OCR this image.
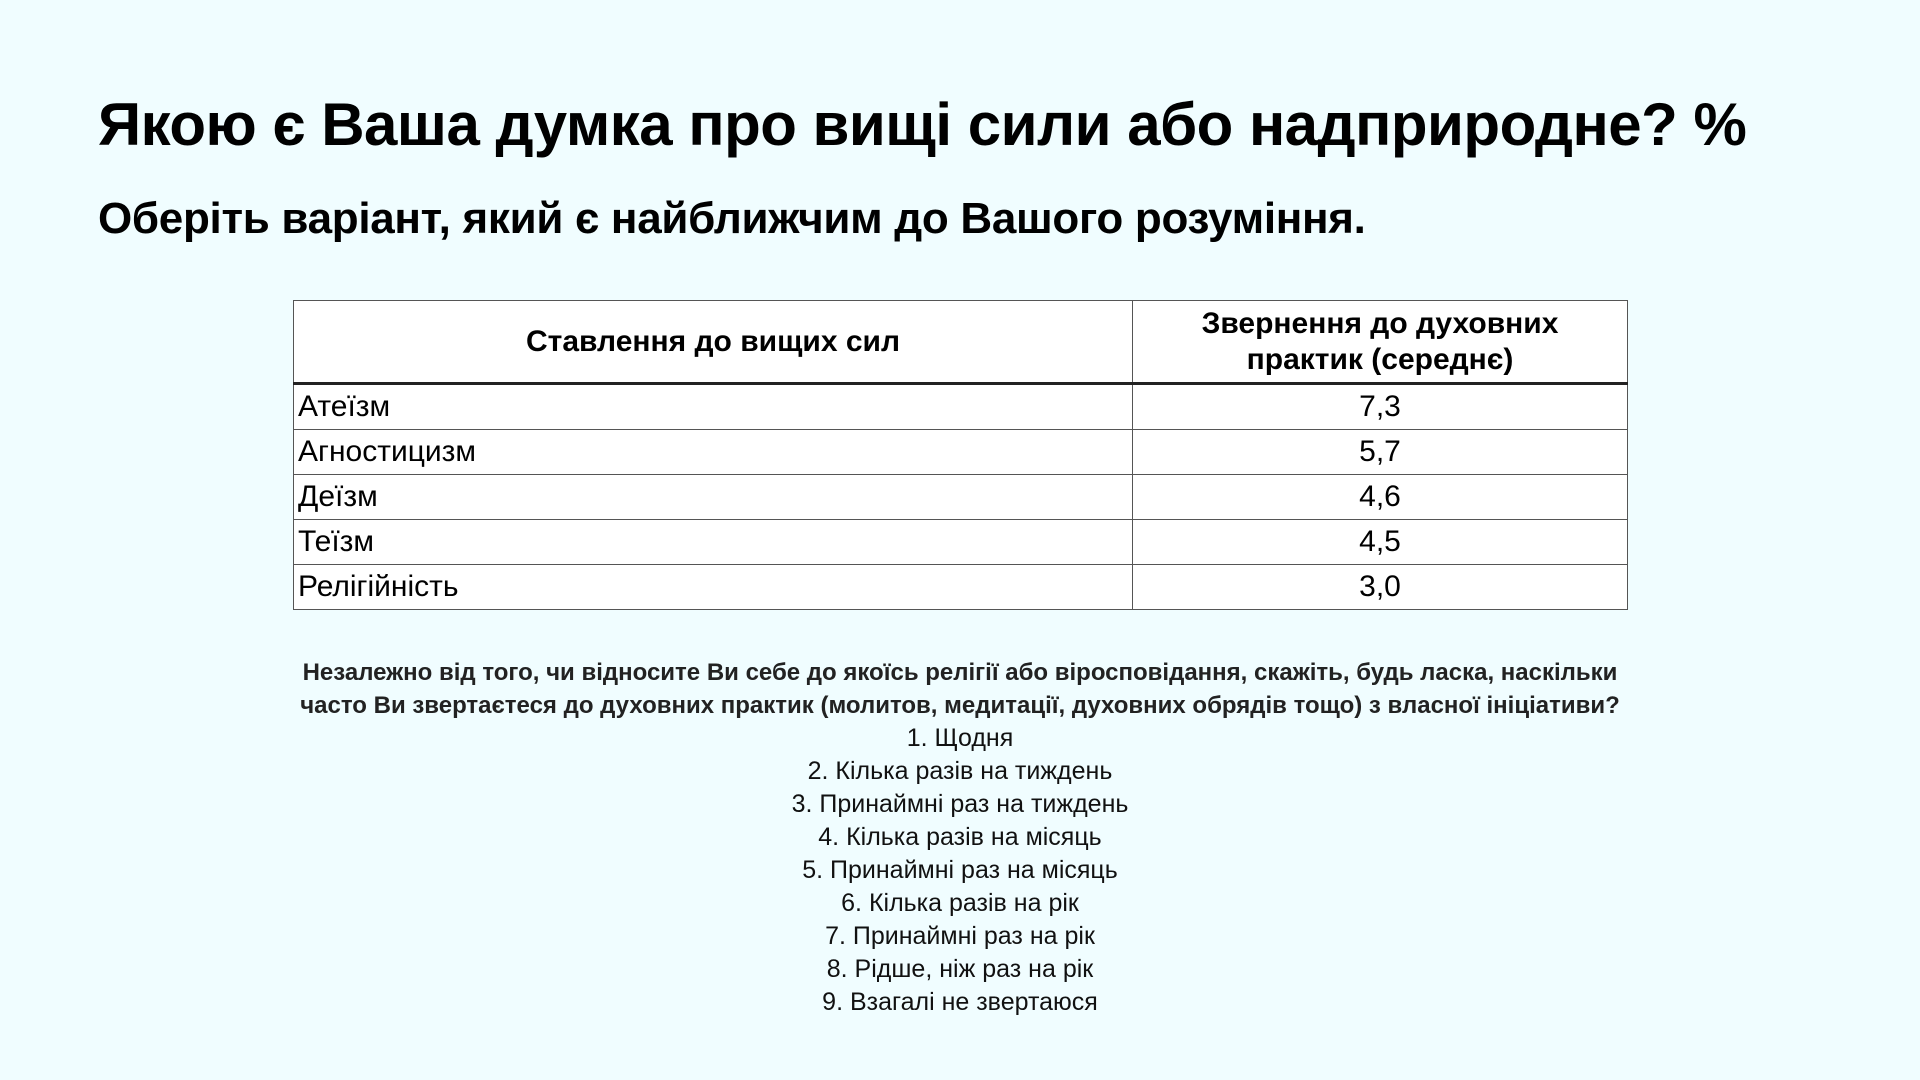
Якою є Ваша думка про вищі сили або надприродне? %
Оберіть варіант, який є найближчим до Вашого розуміння.
Ставлення до вищих сил	Звернення до духовних практик (середнє)
Атеїзм	7,3
Агностицизм	5,7
Деїзм	4,6
Теїзм	4,5
Релігійність	3,0

Незалежно від того, чи відносите Ви себе до якоїсь релігії або віросповідання, скажіть, будь ласка, наскільки часто Ви звертаєтеся до духовних практик (молитов, медитації, духовних обрядів тощо) з власної ініціативи?

1. Щодня
2. Кілька разів на тиждень
3. Принаймні раз на тиждень
4. Кілька разів на місяць
5. Принаймні раз на місяць
6. Кілька разів на рік
7. Принаймні раз на рік
8. Рідше, ніж раз на рік
9. Взагалі не звертаюся
